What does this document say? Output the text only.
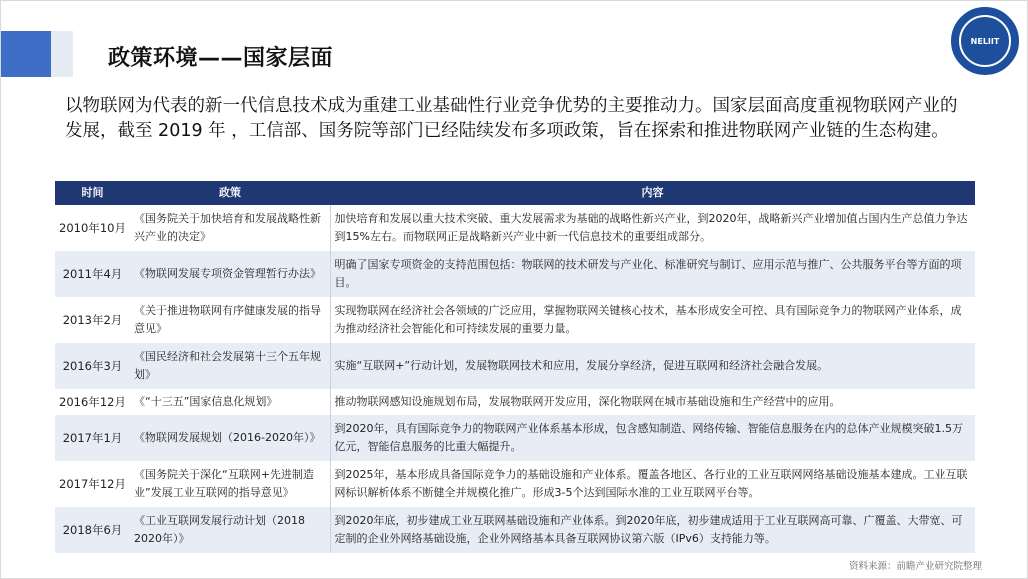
政策环境——国家层面
NELIIT

以物联网为代表的新一代信息技术成为重建工业基础性行业竞争优势的主要推动力。国家层面高度重视物联网产业的发展，截至 2019 年 ，工信部、国务院等部门已经陆续发布多项政策，旨在探索和推进物联网产业链的生态构建。

时间	政策	内容
2010年10月	《国务院关于加快培育和发展战略性新兴产业的决定》	加快培育和发展以重大技术突破、重大发展需求为基础的战略性新兴产业，到2020年，战略新兴产业增加值占国内生产总值力争达到15%左右。而物联网正是战略新兴产业中新一代信息技术的重要组成部分。
2011年4月	《物联网发展专项资金管理暂行办法》	明确了国家专项资金的支持范围包括：物联网的技术研发与产业化、标准研究与制订、应用示范与推广、公共服务平台等方面的项目。
2013年2月	《关于推进物联网有序健康发展的指导意见》	实现物联网在经济社会各领域的广泛应用，掌握物联网关键核心技术，基本形成安全可控、具有国际竞争力的物联网产业体系，成为推动经济社会智能化和可持续发展的重要力量。
2016年3月	《国民经济和社会发展第十三个五年规划》	实施“互联网+”行动计划，发展物联网技术和应用，发展分享经济，促进互联网和经济社会融合发展。
2016年12月	《“十三五”国家信息化规划》	推动物联网感知设施规划布局，发展物联网开发应用，深化物联网在城市基础设施和生产经营中的应用。
2017年1月	《物联网发展规划（2016-2020年）》	到2020年，具有国际竞争力的物联网产业体系基本形成，包含感知制造、网络传输、智能信息服务在内的总体产业规模突破1.5万亿元，智能信息服务的比重大幅提升。
2017年12月	《国务院关于深化“互联网+先进制造业”发展工业互联网的指导意见》	到2025年，基本形成具备国际竞争力的基础设施和产业体系。覆盖各地区、各行业的工业互联网网络基础设施基本建成。工业互联网标识解析体系不断健全并规模化推广。形成3-5个达到国际水准的工业互联网平台等。
2018年6月	《工业互联网发展行动计划（2018 2020年）》	到2020年底，初步建成工业互联网基础设施和产业体系。到2020年底，初步建成适用于工业互联网高可靠、广覆盖、大带宽、可定制的企业外网络基础设施，企业外网络基本具备互联网协议第六版（IPv6）支持能力等。
资料来源：前瞻产业研究院整理
